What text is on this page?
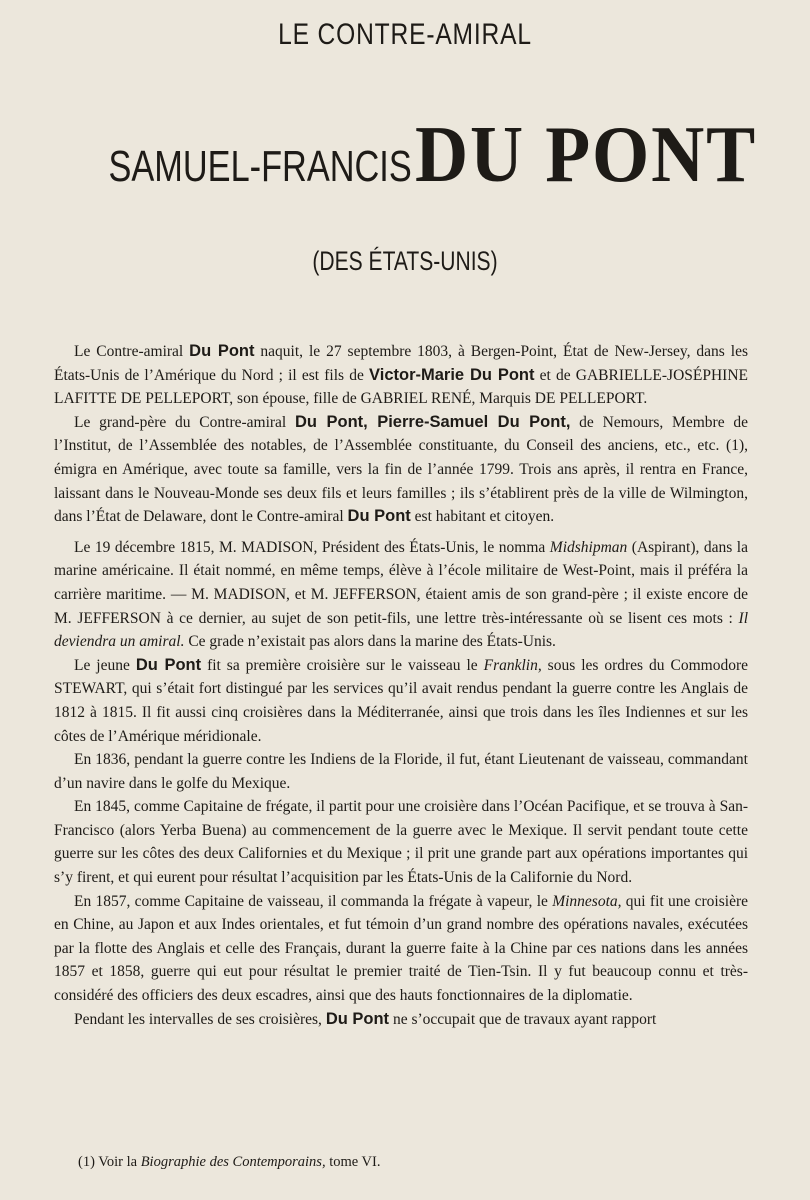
LE CONTRE-AMIRAL
SAMUEL-FRANCIS DU PONT
(DES ÉTATS-UNIS)

Le Contre-amiral Du Pont naquit, le 27 septembre 1803, à Bergen-Point, État de New-Jersey, dans les États-Unis de l’Amérique du Nord ; il est fils de Victor-Marie Du Pont et de GABRIELLE-JOSÉPHINE LAFITTE DE PELLEPORT, son épouse, fille de GABRIEL RENÉ, Marquis DE PELLEPORT.

Le grand-père du Contre-amiral Du Pont, Pierre-Samuel Du Pont, de Nemours, Membre de l’Institut, de l’Assemblée des notables, de l’Assemblée constituante, du Conseil des anciens, etc., etc. (1), émigra en Amérique, avec toute sa famille, vers la fin de l’année 1799. Trois ans après, il rentra en France, laissant dans le Nouveau-Monde ses deux fils et leurs familles ; ils s’établirent près de la ville de Wilmington, dans l’État de Delaware, dont le Contre-amiral Du Pont est habitant et citoyen.

Le 19 décembre 1815, M. MADISON, Président des États-Unis, le nomma Midshipman (Aspirant), dans la marine américaine. Il était nommé, en même temps, élève à l’école militaire de West-Point, mais il préféra la carrière maritime. — M. MADISON, et M. JEFFERSON, étaient amis de son grand-père ; il existe encore de M. JEFFERSON à ce dernier, au sujet de son petit-fils, une lettre très-intéressante où se lisent ces mots : Il deviendra un amiral. Ce grade n’existait pas alors dans la marine des États-Unis.

Le jeune Du Pont fit sa première croisière sur le vaisseau le Franklin, sous les ordres du Commodore STEWART, qui s’était fort distingué par les services qu’il avait rendus pendant la guerre contre les Anglais de 1812 à 1815. Il fit aussi cinq croisières dans la Méditerranée, ainsi que trois dans les îles Indiennes et sur les côtes de l’Amérique méridionale.

En 1836, pendant la guerre contre les Indiens de la Floride, il fut, étant Lieutenant de vaisseau, commandant d’un navire dans le golfe du Mexique.

En 1845, comme Capitaine de frégate, il partit pour une croisière dans l’Océan Pacifique, et se trouva à San-Francisco (alors Yerba Buena) au commencement de la guerre avec le Mexique. Il servit pendant toute cette guerre sur les côtes des deux Californies et du Mexique ; il prit une grande part aux opérations importantes qui s’y firent, et qui eurent pour résultat l’acquisition par les États-Unis de la Californie du Nord.

En 1857, comme Capitaine de vaisseau, il commanda la frégate à vapeur, le Minnesota, qui fit une croisière en Chine, au Japon et aux Indes orientales, et fut témoin d’un grand nombre des opérations navales, exécutées par la flotte des Anglais et celle des Français, durant la guerre faite à la Chine par ces nations dans les années 1857 et 1858, guerre qui eut pour résultat le premier traité de Tien-Tsin. Il y fut beaucoup connu et très-considéré des officiers des deux escadres, ainsi que des hauts fonctionnaires de la diplomatie.

Pendant les intervalles de ses croisières, Du Pont ne s’occupait que de travaux ayant rapport

(1) Voir la Biographie des Contemporains, tome VI.
